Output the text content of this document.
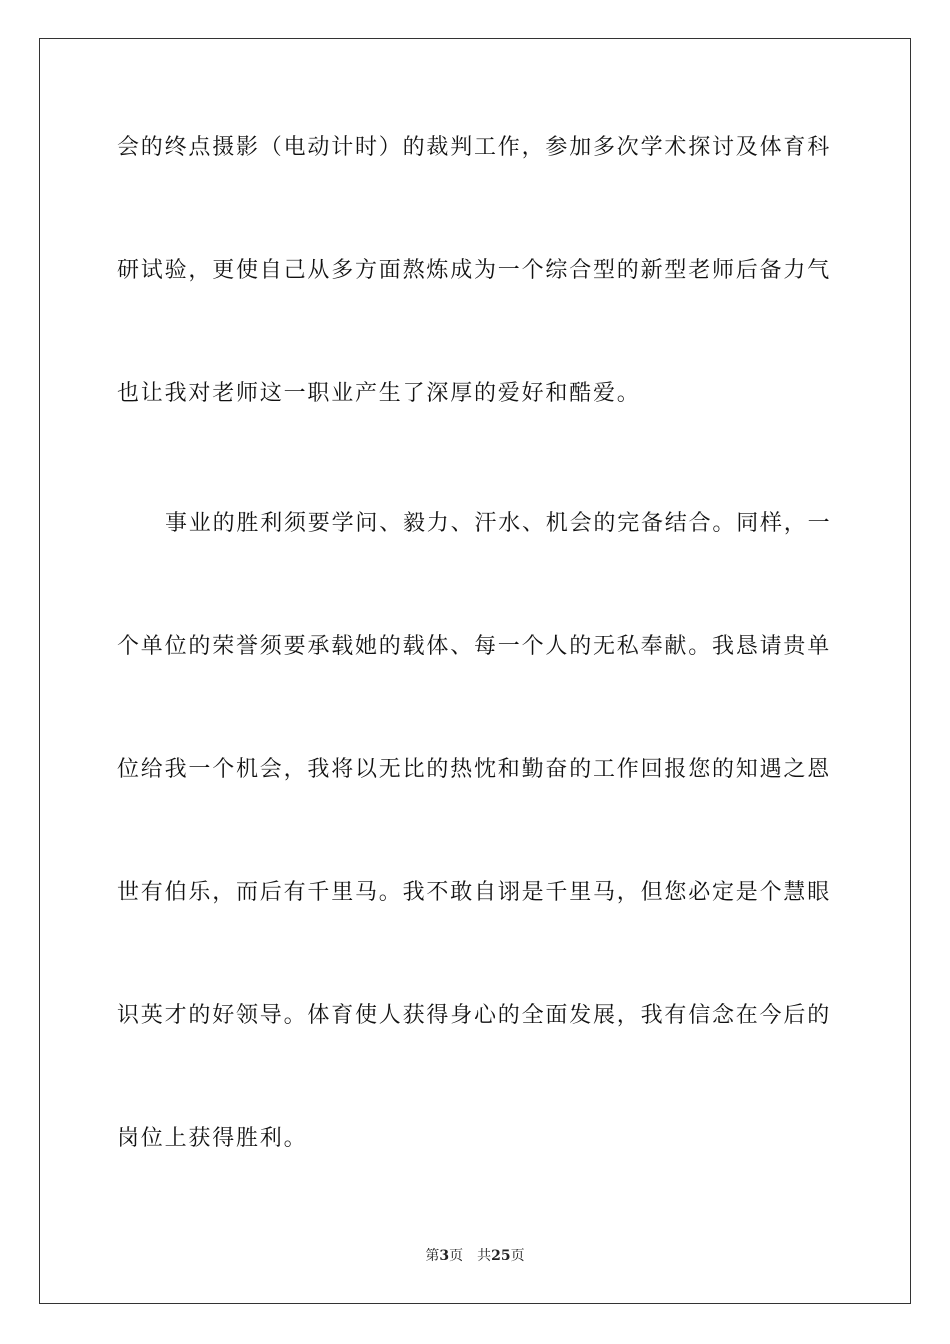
会的终点摄影（电动计时）的裁判工作，参加多次学术探讨及体育科
研试验，更使自己从多方面熬炼成为一个综合型的新型老师后备力气
也让我对老师这一职业产生了深厚的爱好和酷爱。
事业的胜利须要学问、毅力、汗水、机会的完备结合。同样，一
个单位的荣誉须要承载她的载体、每一个人的无私奉献。我恳请贵单
位给我一个机会，我将以无比的热忱和勤奋的工作回报您的知遇之恩
世有伯乐，而后有千里马。我不敢自诩是千里马，但您必定是个慧眼
识英才的好领导。体育使人获得身心的全面发展，我有信念在今后的
岗位上获得胜利。
第3页 共25页
